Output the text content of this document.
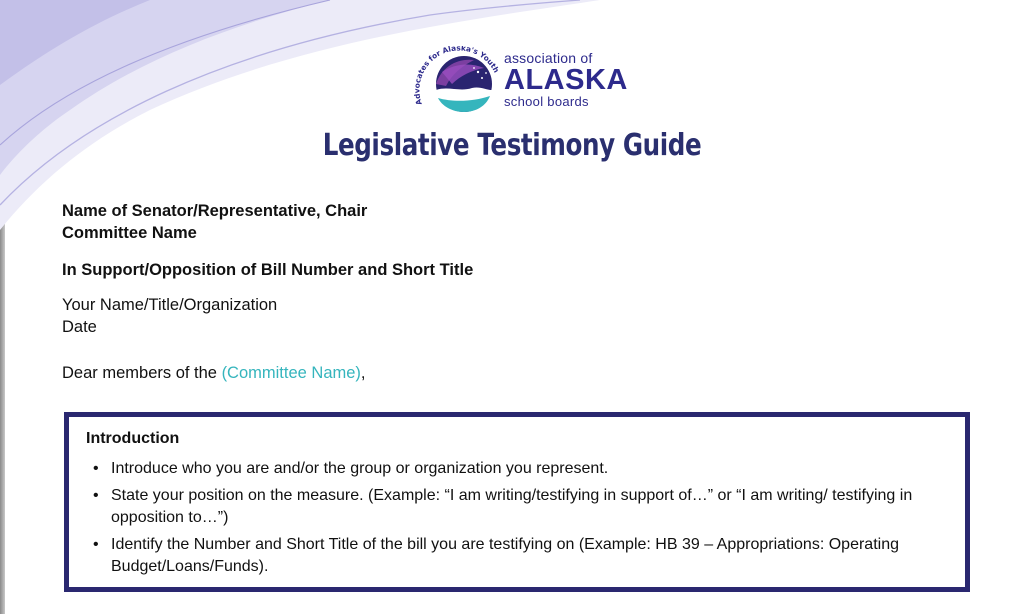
Advocates for Alaska's Youth
association of
ALASKA
school boards
Legislative Testimony Guide
Name of Senator/Representative, Chair
Committee Name
In Support/Opposition of Bill Number and Short Title
Your Name/Title/Organization
Date
Dear members of the (Committee Name),
Introduction
• Introduce who you are and/or the group or organization you represent.
• State your position on the measure. (Example: “I am writing/testifying in support of…” or “I am writing/ testifying in opposition to…”)
• Identify the Number and Short Title of the bill you are testifying on (Example: HB 39 – Appropriations: Operating Budget/Loans/Funds).
